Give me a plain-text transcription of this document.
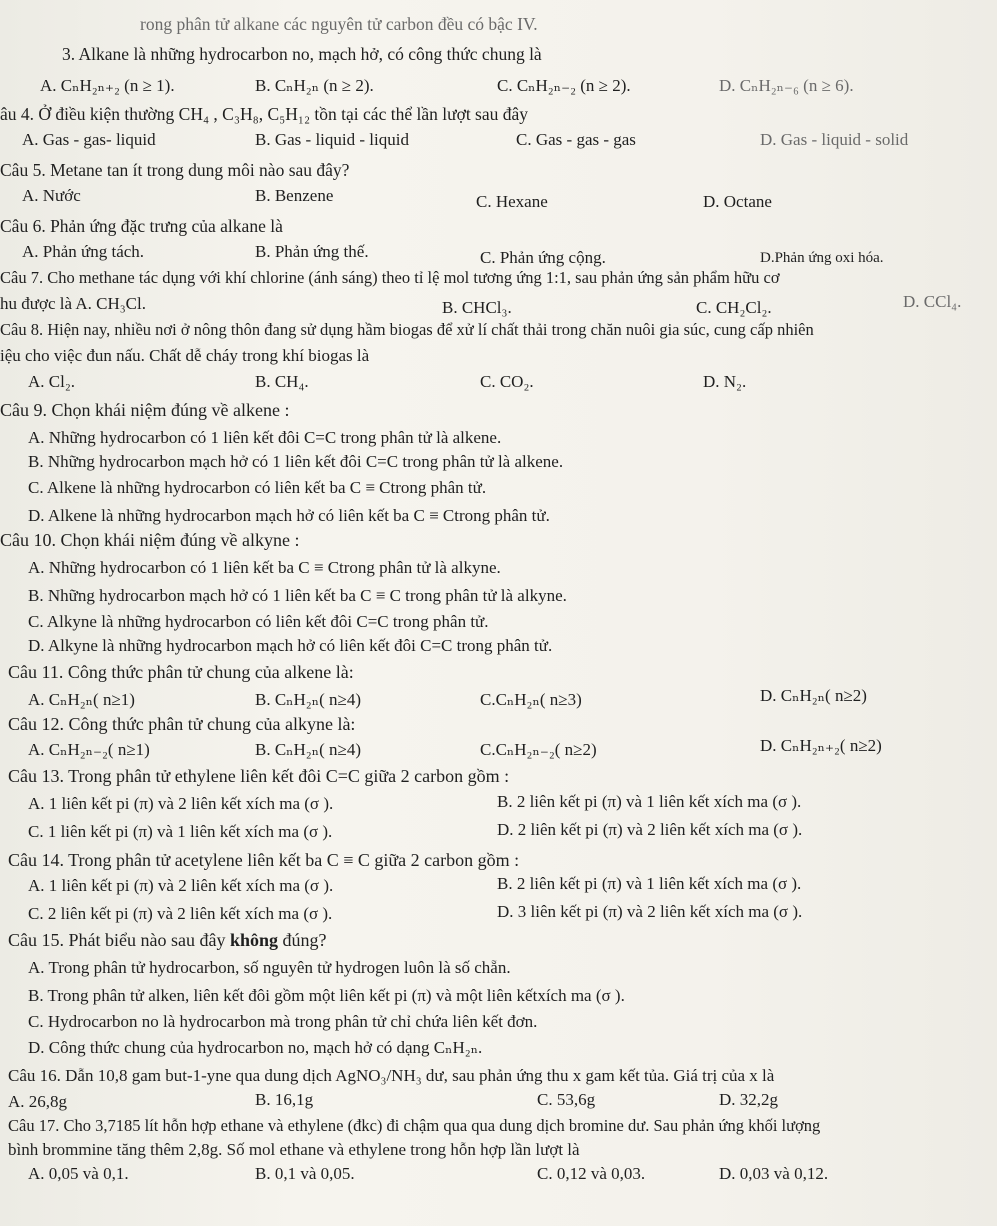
rong phân tử alkane các nguyên tử carbon đều có bậc IV.
3. Alkane là những hydrocarbon no, mạch hở, có công thức chung là
A. CₙH₂ₙ₊₂ (n ≥ 1).	B. CₙH₂ₙ (n ≥ 2).	C. CₙH₂ₙ₋₂ (n ≥ 2).	D. CₙH₂ₙ₋₆ (n ≥ 6).
âu 4. Ở điều kiện thường CH₄ , C₃H₈, C₅H₁₂ tồn tại các thể lần lượt sau đây
A. Gas - gas- liquid	B. Gas - liquid - liquid	C. Gas - gas - gas	D. Gas - liquid - solid
Câu 5. Metane tan ít trong dung môi nào sau đây?
A. Nước	B. Benzene	C. Hexane	D. Octane
Câu 6. Phản ứng đặc trưng của alkane là
A. Phản ứng tách.	B. Phản ứng thế.	C. Phản ứng cộng.	D.Phản ứng oxi hóa.
Câu 7. Cho methane tác dụng với khí chlorine (ánh sáng) theo tỉ lệ mol tương ứng 1:1, sau phản ứng sản phẩm hữu cơ
hu được là A. CH₃Cl.	B. CHCl₃.	C. CH₂Cl₂.	D. CCl₄.
Câu 8. Hiện nay, nhiều nơi ở nông thôn đang sử dụng hầm biogas để xử lí chất thải trong chăn nuôi gia súc, cung cấp nhiên
iệu cho việc đun nấu. Chất dễ cháy trong khí biogas là
A. Cl₂.	B. CH₄.	C. CO₂.	D. N₂.
Câu 9. Chọn khái niệm đúng về alkene :
A. Những hydrocarbon có 1 liên kết đôi C=C trong phân tử là alkene.
B. Những hydrocarbon mạch hở có 1 liên kết đôi C=C trong phân tử là alkene.
C. Alkene là những hydrocarbon có liên kết ba C ≡ Ctrong phân tử.
D. Alkene là những hydrocarbon mạch hở có liên kết ba C ≡ Ctrong phân tử.
Câu 10. Chọn khái niệm đúng về alkyne :
A. Những hydrocarbon có 1 liên kết ba C ≡ Ctrong phân tử là alkyne.
B. Những hydrocarbon mạch hở có 1 liên kết ba C ≡ C trong phân tử là alkyne.
C. Alkyne là những hydrocarbon có liên kết đôi C=C trong phân tử.
D. Alkyne là những hydrocarbon mạch hở có liên kết đôi C=C trong phân tử.
Câu 11. Công thức phân tử chung của alkene là:
A. CₙH₂ₙ( n≥1)	B. CₙH₂ₙ( n≥4)	C.CₙH₂ₙ( n≥3)	D. CₙH₂ₙ( n≥2)
Câu 12. Công thức phân tử chung của alkyne là:
A. CₙH₂ₙ₋₂( n≥1)	B. CₙH₂ₙ( n≥4)	C.CₙH₂ₙ₋₂( n≥2)	D. CₙH₂ₙ₊₂( n≥2)
Câu 13. Trong phân tử ethylene liên kết đôi C=C giữa 2 carbon gồm :
A. 1 liên kết pi (π) và 2 liên kết xích ma (σ ).	B. 2 liên kết pi (π) và 1 liên kết xích ma (σ ).
C. 1 liên kết pi (π) và 1 liên kết xích ma (σ ).	D. 2 liên kết pi (π) và 2 liên kết xích ma (σ ).
Câu 14. Trong phân tử acetylene liên kết ba C ≡ C giữa 2 carbon gồm :
A. 1 liên kết pi (π) và 2 liên kết xích ma (σ ).	B. 2 liên kết pi (π) và 1 liên kết xích ma (σ ).
C. 2 liên kết pi (π) và 2 liên kết xích ma (σ ).	D. 3 liên kết pi (π) và 2 liên kết xích ma (σ ).
Câu 15. Phát biểu nào sau đây không đúng?
A. Trong phân tử hydrocarbon, số nguyên tử hydrogen luôn là số chẵn.
B. Trong phân tử alken, liên kết đôi gồm một liên kết pi (π) và một liên kếtxích ma (σ ).
C. Hydrocarbon no là hydrocarbon mà trong phân tử chỉ chứa liên kết đơn.
D. Công thức chung của hydrocarbon no, mạch hở có dạng CₙH₂ₙ.
Câu 16. Dẫn 10,8 gam but-1-yne qua dung dịch AgNO₃/NH₃ dư, sau phản ứng thu x gam kết tủa. Giá trị của x là
A. 26,8g	B. 16,1g	C. 53,6g	D. 32,2g
Câu 17. Cho 3,7185 lít hỗn hợp ethane và ethylene (đkc) đi chậm qua qua dung dịch bromine dư. Sau phản ứng khối lượng
bình brommine tăng thêm 2,8g. Số mol ethane và ethylene trong hỗn hợp lần lượt là
A. 0,05 và 0,1.	B. 0,1 và 0,05.	C. 0,12 và 0,03.	D. 0,03 và 0,12.
